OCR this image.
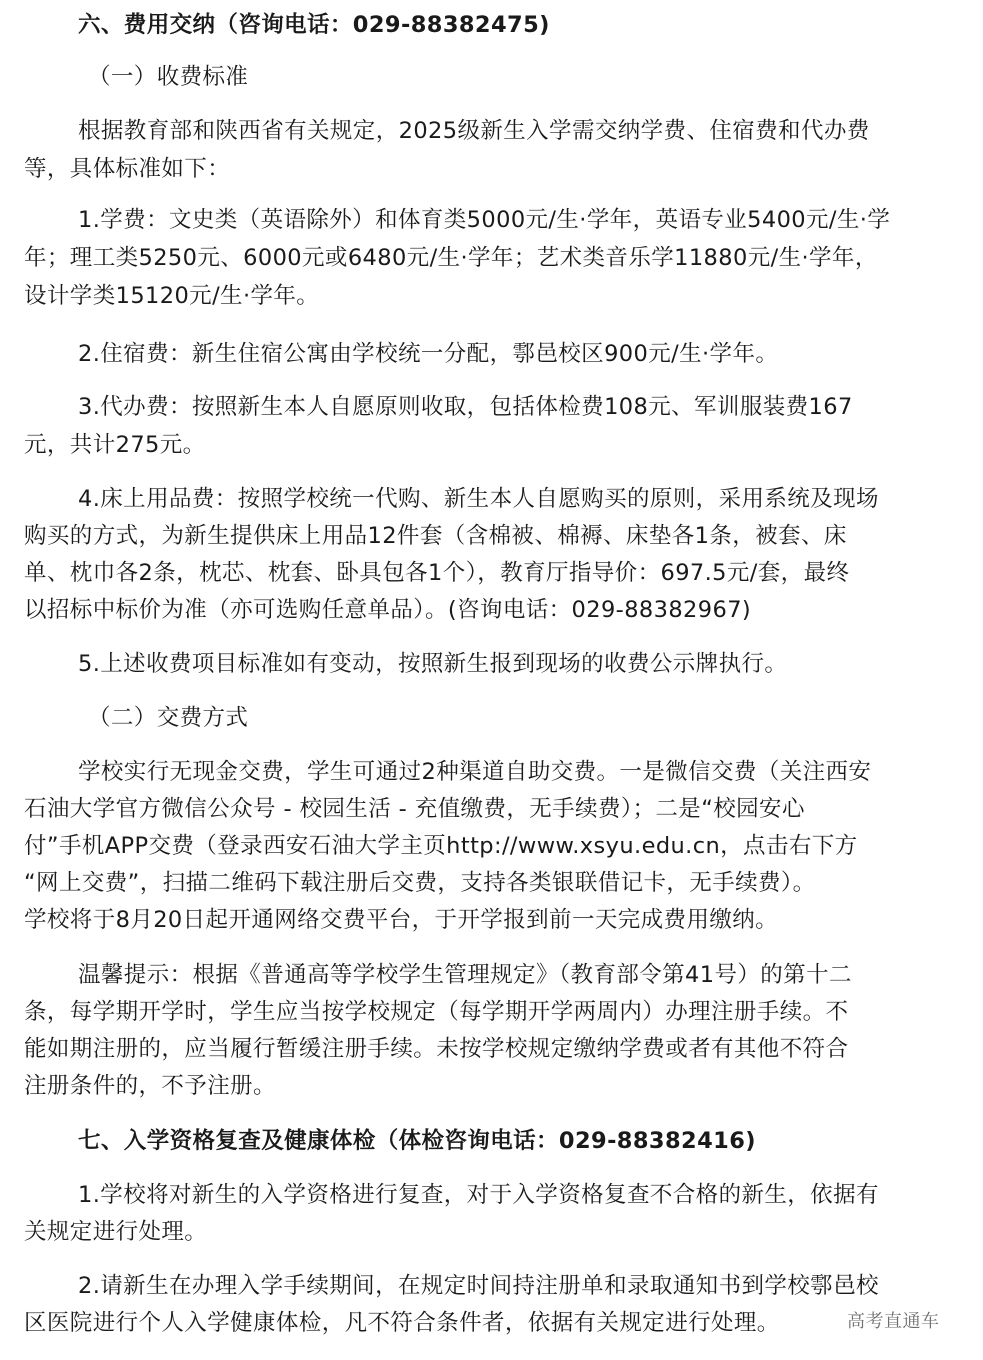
六、费用交纳（咨询电话：029-88382475)
（一）收费标准
根据教育部和陕西省有关规定，2025级新生入学需交纳学费、住宿费和代办费
等，具体标准如下：
1.学费：文史类（英语除外）和体育类5000元/生·学年，英语专业5400元/生·学
年；理工类5250元、6000元或6480元/生·学年；艺术类音乐学11880元/生·学年，
设计学类15120元/生·学年。
2.住宿费：新生住宿公寓由学校统一分配，鄠邑校区900元/生·学年。
3.代办费：按照新生本人自愿原则收取，包括体检费108元、军训服装费167
元，共计275元。
4.床上用品费：按照学校统一代购、新生本人自愿购买的原则，采用系统及现场
购买的方式，为新生提供床上用品12件套（含棉被、棉褥、床垫各1条，被套、床
单、枕巾各2条，枕芯、枕套、卧具包各1个），教育厅指导价：697.5元/套，最终
以招标中标价为准（亦可选购任意单品）。(咨询电话：029-88382967)
5.上述收费项目标准如有变动，按照新生报到现场的收费公示牌执行。
（二）交费方式
学校实行无现金交费，学生可通过2种渠道自助交费。一是微信交费（关注西安
石油大学官方微信公众号 - 校园生活 - 充值缴费，无手续费）；二是“校园安心
付”手机APP交费（登录西安石油大学主页http://www.xsyu.edu.cn，点击右下方
“网上交费”，扫描二维码下载注册后交费，支持各类银联借记卡，无手续费）。
学校将于8月20日起开通网络交费平台，于开学报到前一天完成费用缴纳。
温馨提示：根据《普通高等学校学生管理规定》（教育部令第41号）的第十二
条，每学期开学时，学生应当按学校规定（每学期开学两周内）办理注册手续。不
能如期注册的，应当履行暂缓注册手续。未按学校规定缴纳学费或者有其他不符合
注册条件的，不予注册。
七、入学资格复查及健康体检（体检咨询电话：029-88382416)
1.学校将对新生的入学资格进行复查，对于入学资格复查不合格的新生，依据有
关规定进行处理。
2.请新生在办理入学手续期间，在规定时间持注册单和录取通知书到学校鄠邑校
区医院进行个人入学健康体检，凡不符合条件者，依据有关规定进行处理。	高考直通车
